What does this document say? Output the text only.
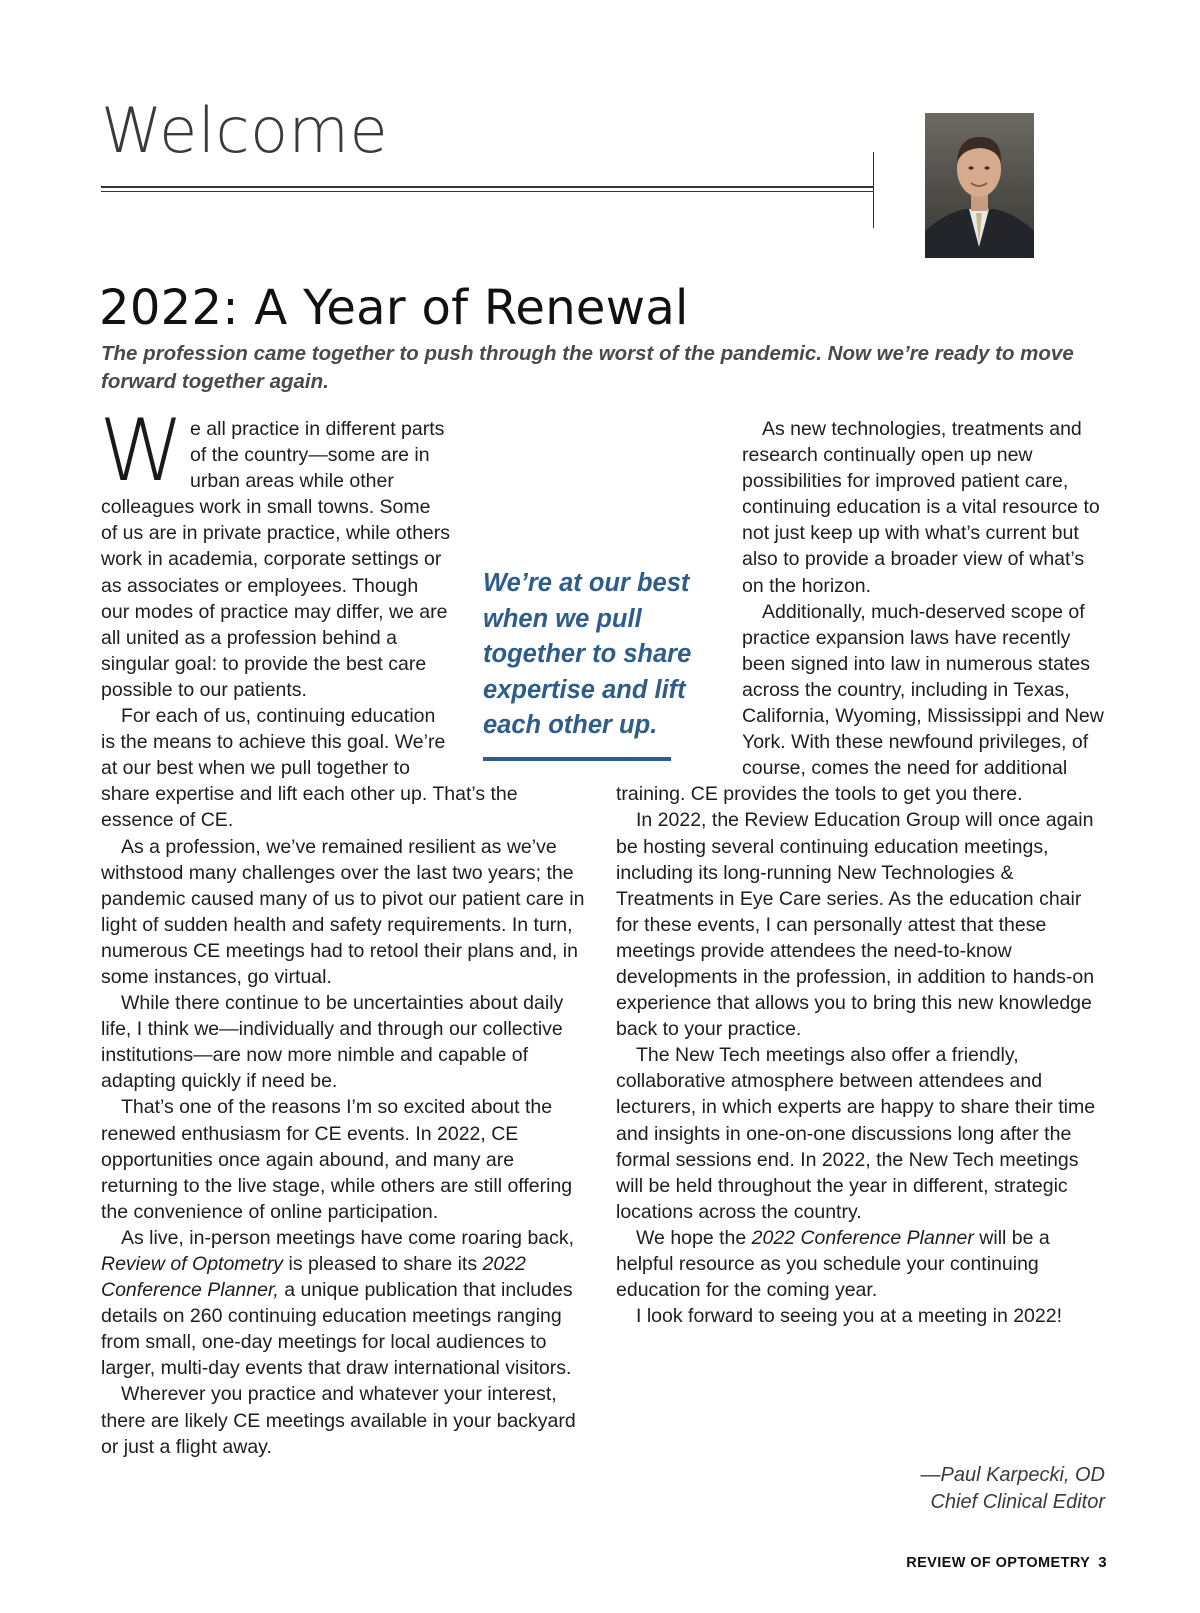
Welcome
2022: A Year of Renewal
The profession came together to push through the worst of the pandemic. Now we’re ready to move forward together again.

We all practice in different parts of the country—some are in urban areas while other colleagues work in small towns. Some of us are in private practice, while others work in academia, corporate settings or as associates or employees. Though our modes of practice may differ, we are all united as a profession behind a singular goal: to provide the best care possible to our patients.

For each of us, continuing education is the means to achieve this goal. We’re at our best when we pull together to share expertise and lift each other up. That’s the essence of CE.

As a profession, we’ve remained resilient as we’ve withstood many challenges over the last two years; the pandemic caused many of us to pivot our patient care in light of sudden health and safety requirements. In turn, numerous CE meetings had to retool their plans and, in some instances, go virtual.

While there continue to be uncertainties about daily life, I think we—individually and through our collective institutions—are now more nimble and capable of adapting quickly if need be.

That’s one of the reasons I’m so excited about the renewed enthusiasm for CE events. In 2022, CE opportunities once again abound, and many are returning to the live stage, while others are still offering the convenience of online participation.

As live, in-person meetings have come roaring back, Review of Optometry is pleased to share its 2022 Conference Planner, a unique publication that includes details on 260 continuing education meetings ranging from small, one-day meetings for local audiences to larger, multi-day events that draw international visitors.

Wherever you practice and whatever your interest, there are likely CE meetings available in your backyard or just a flight away.

As new technologies, treatments and research continually open up new possibilities for improved patient care, continuing education is a vital resource to not just keep up with what’s current but also to provide a broader view of what’s on the horizon.

Additionally, much-deserved scope of practice expansion laws have recently been signed into law in numerous states across the country, including in Texas, California, Wyoming, Mississippi and New York. With these newfound privileges, of course, comes the need for additional training. CE provides the tools to get you there.

In 2022, the Review Education Group will once again be hosting several continuing education meetings, including its long-running New Technologies & Treatments in Eye Care series. As the education chair for these events, I can personally attest that these meetings provide attendees the need-to-know developments in the profession, in addition to hands-on experience that allows you to bring this new knowledge back to your practice.

The New Tech meetings also offer a friendly, collaborative atmosphere between attendees and lecturers, in which experts are happy to share their time and insights in one-on-one discussions long after the formal sessions end. In 2022, the New Tech meetings will be held throughout the year in different, strategic locations across the country.

We hope the 2022 Conference Planner will be a helpful resource as you schedule your continuing education for the coming year.

I look forward to seeing you at a meeting in 2022!

We’re at our best when we pull together to share expertise and lift each other up.
—Paul Karpecki, OD
Chief Clinical Editor
REVIEW OF OPTOMETRY 3
